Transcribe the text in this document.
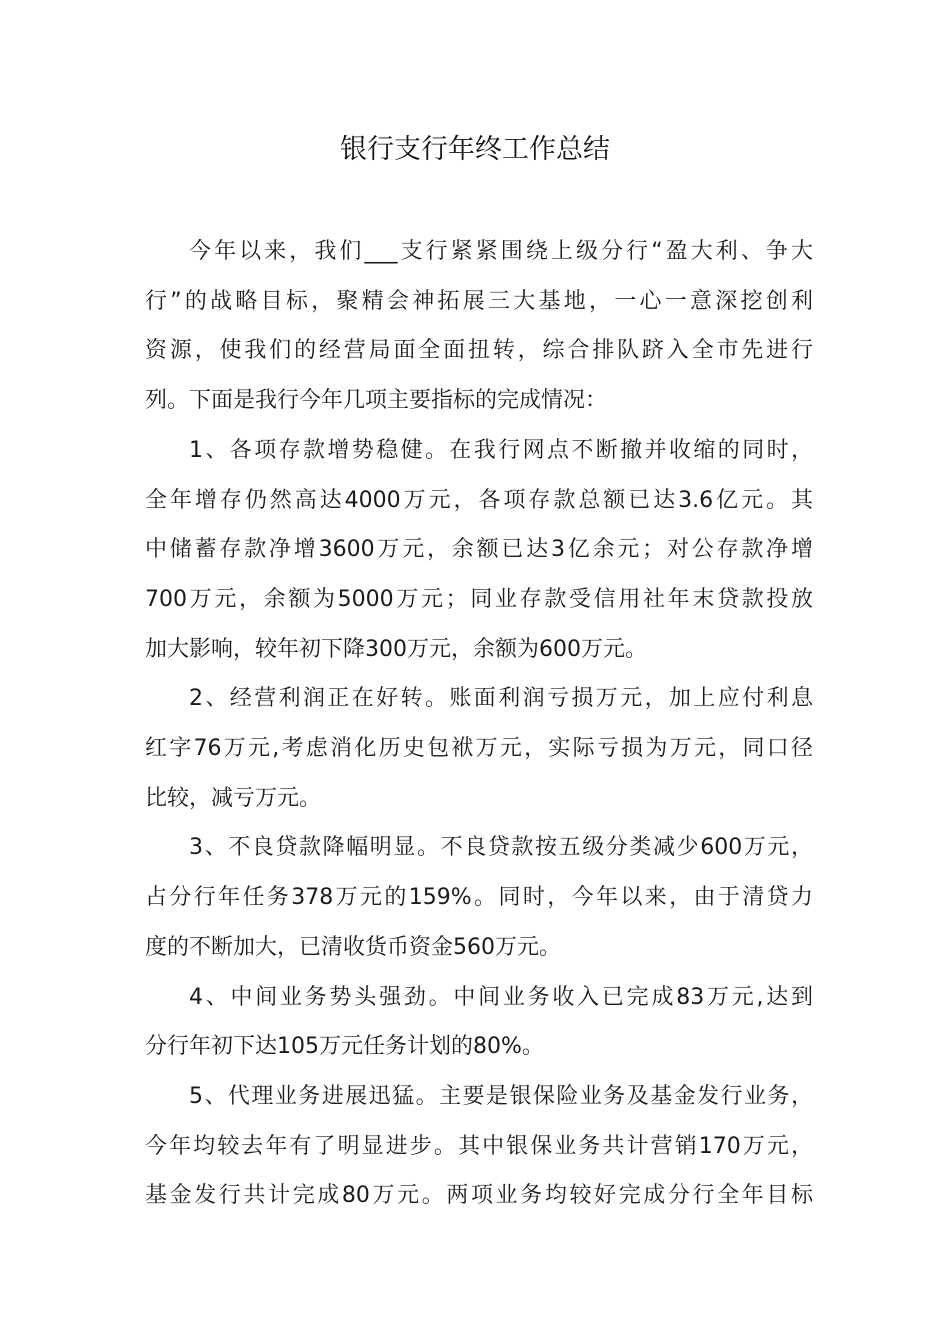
银行支行年终工作总结
今年以来，我们___支行紧紧围绕上级分行“盈大利、争大
行”的战略目标，聚精会神拓展三大基地，一心一意深挖创利
资源，使我们的经营局面全面扭转，综合排队跻入全市先进行
列。下面是我行今年几项主要指标的完成情况：
1、各项存款增势稳健。在我行网点不断撤并收缩的同时，
全年增存仍然高达4000万元，各项存款总额已达3.6亿元。其
中储蓄存款净增3600万元，余额已达3亿余元；对公存款净增
700万元，余额为5000万元；同业存款受信用社年末贷款投放
加大影响，较年初下降300万元，余额为600万元。
2、经营利润正在好转。账面利润亏损万元，加上应付利息
红字76万元,考虑消化历史包袱万元，实际亏损为万元，同口径
比较，减亏万元。
3、不良贷款降幅明显。不良贷款按五级分类减少600万元，
占分行年任务378万元的159%。同时，今年以来，由于清贷力
度的不断加大，已清收货币资金560万元。
4、中间业务势头强劲。中间业务收入已完成83万元,达到
分行年初下达105万元任务计划的80%。
5、代理业务进展迅猛。主要是银保险业务及基金发行业务，
今年均较去年有了明显进步。其中银保业务共计营销170万元，
基金发行共计完成80万元。两项业务均较好完成分行全年目标
